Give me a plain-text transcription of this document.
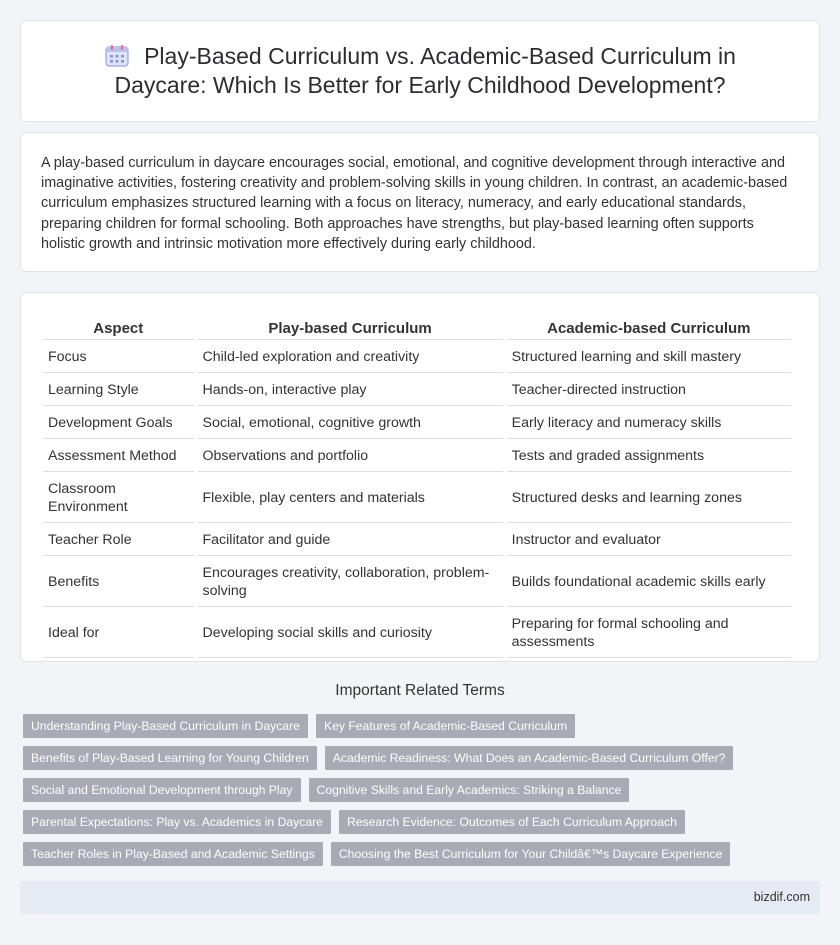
Play-Based Curriculum vs. Academic-Based Curriculum in Daycare: Which Is Better for Early Childhood Development?

A play-based curriculum in daycare encourages social, emotional, and cognitive development through interactive and imaginative activities, fostering creativity and problem-solving skills in young children. In contrast, an academic-based curriculum emphasizes structured learning with a focus on literacy, numeracy, and early educational standards, preparing children for formal schooling. Both approaches have strengths, but play-based learning often supports holistic growth and intrinsic motivation more effectively during early childhood.

Aspect	Play-based Curriculum	Academic-based Curriculum
Focus	Child-led exploration and creativity	Structured learning and skill mastery
Learning Style	Hands-on, interactive play	Teacher-directed instruction
Development Goals	Social, emotional, cognitive growth	Early literacy and numeracy skills
Assessment Method	Observations and portfolio	Tests and graded assignments
Classroom Environment	Flexible, play centers and materials	Structured desks and learning zones
Teacher Role	Facilitator and guide	Instructor and evaluator
Benefits	Encourages creativity, collaboration, problem-solving	Builds foundational academic skills early
Ideal for	Developing social skills and curiosity	Preparing for formal schooling and assessments
Important Related Terms
Understanding Play-Based Curriculum in Daycare	Key Features of Academic-Based Curriculum
Benefits of Play-Based Learning for Young Children	Academic Readiness: What Does an Academic-Based Curriculum Offer?
Social and Emotional Development through Play	Cognitive Skills and Early Academics: Striking a Balance
Parental Expectations: Play vs. Academics in Daycare	Research Evidence: Outcomes of Each Curriculum Approach
Teacher Roles in Play-Based and Academic Settings	Choosing the Best Curriculum for Your Childâ€™s Daycare Experience
bizdif.com
